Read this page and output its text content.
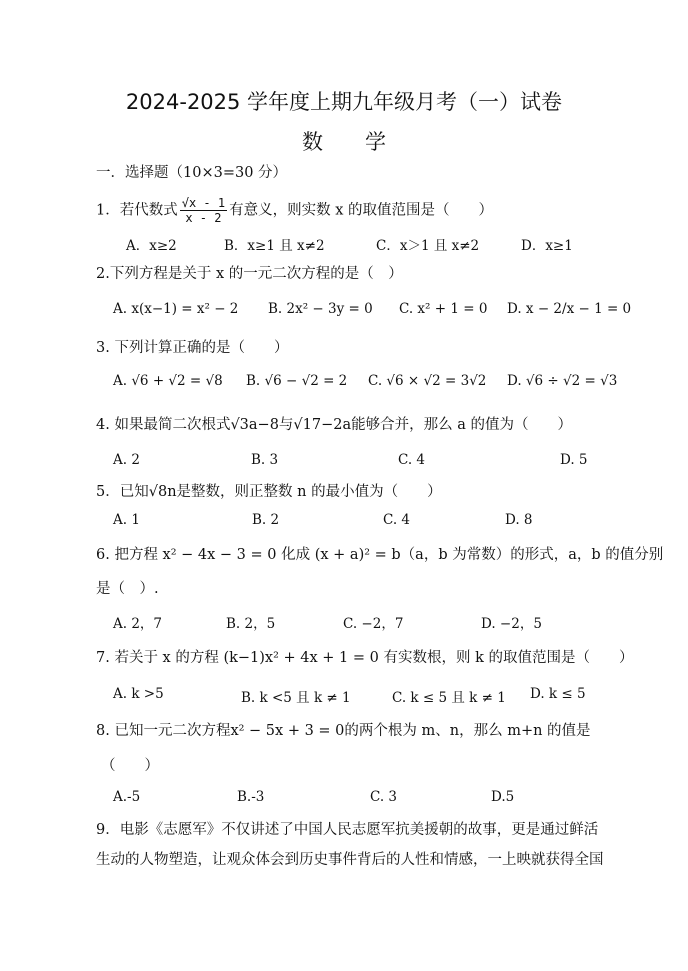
2024-2025 学年度上期九年级月考（一）试卷
数学
一．选择题（10×3=30 分）
1．若代数式 $\frac{√x - 1}{x - 2}$ 有意义，则实数 x 的取值范围是（　　）
A．x≥2	B．x≥1 且 x≠2	C．x＞1 且 x≠2	D．x≥1
2.下列方程是关于 x 的一元二次方程的是（　）
A. x(x−1) = x² − 2 B. 2x² − 3y = 0 C. x² + 1 = 0 D. x − 2/x − 1 = 0
3. 下列计算正确的是（　　）
A. √6 + √2 = √8 B. √6 − √2 = 2 C. √6 × √2 = 3√2 D. √6 ÷ √2 = √3
4. 如果最简二次根式√3a−8与√17−2a能够合并，那么 a 的值为（　　）
A. 2	B. 3	C. 4	D. 5
5．已知√8n是整数，则正整数 n 的最小值为（　　）
A. 1	B. 2	C. 4	D. 8
6. 把方程 x² − 4x − 3 = 0 化成 (x + a)² = b（a，b 为常数）的形式，a，b 的值分别
是（　）.
A. 2，7	B. 2，5	C. −2，7	D. −2，5
7. 若关于 x 的方程 (k−1)x² + 4x + 1 = 0 有实数根，则 k 的取值范围是（　　）
A. k >5	B. k <5 且 k ≠ 1	C. k ≤ 5 且 k ≠ 1 D. k ≤ 5
8. 已知一元二次方程x² − 5x + 3 = 0的两个根为 m、n，那么 m+n 的值是
（　　）
A.-5	B.-3	C. 3	D.5
9．电影《志愿军》不仅讲述了中国人民志愿军抗美援朝的故事，更是通过鲜活
生动的人物塑造，让观众体会到历史事件背后的人性和情感，一上映就获得全国
